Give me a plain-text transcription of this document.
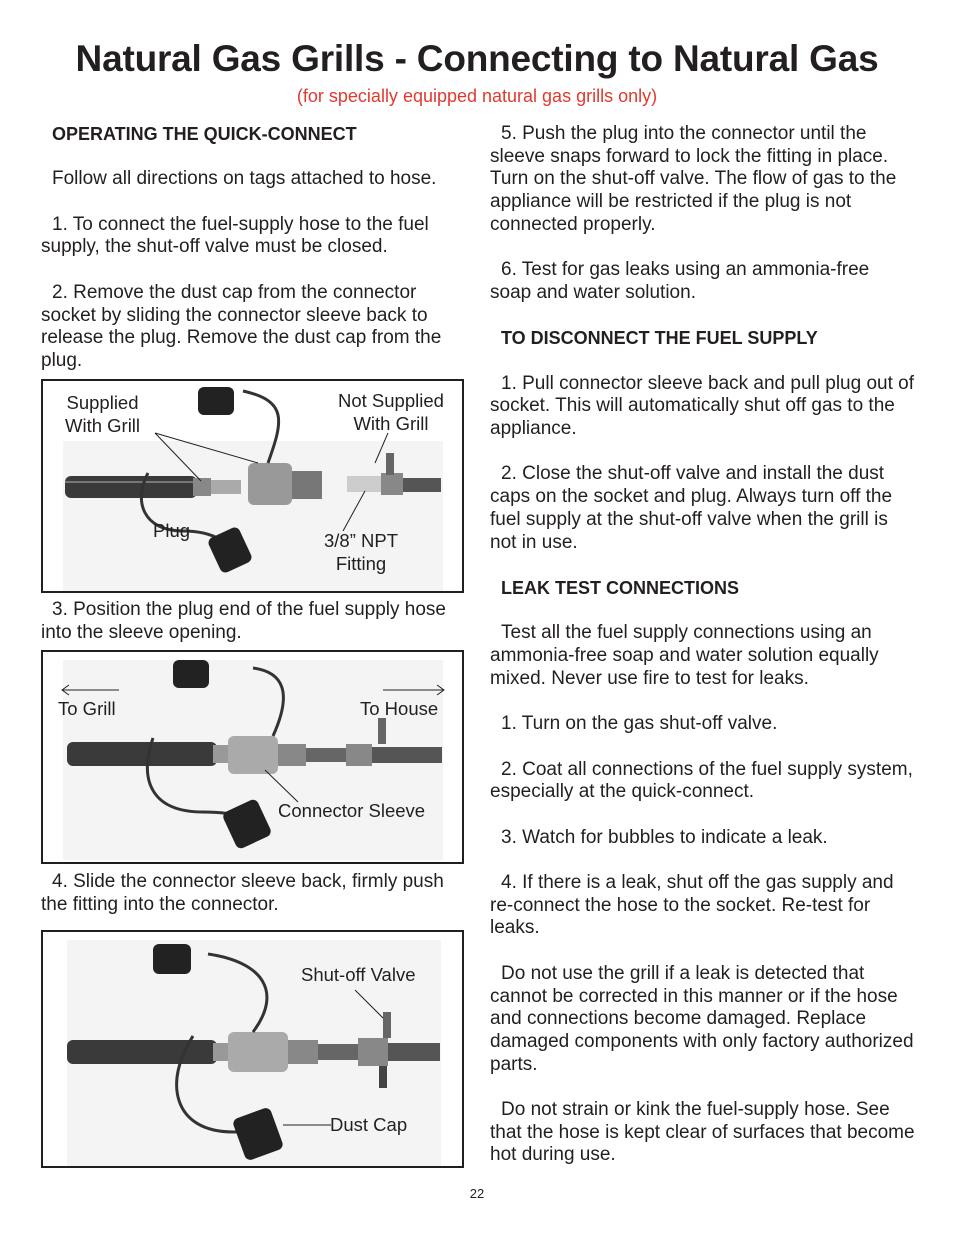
Natural Gas Grills - Connecting to Natural Gas
(for specially equipped natural gas grills only)

OPERATING THE QUICK-CONNECT

Follow all directions on tags attached to hose.

1. To connect the fuel-supply hose to the fuel supply, the shut-off valve must be closed.

2. Remove the dust cap from the connector socket by sliding the connector sleeve back to release the plug. Remove the dust cap from the plug.

Supplied
With Grill
Not Supplied
With Grill
Plug	3/8” NPT
Fitting

3. Position the plug end of the fuel supply hose into the sleeve opening.

To Grill	To House
Connector Sleeve

4. Slide the connector sleeve back, firmly push the fitting into the connector.

Shut-off Valve
Dust Cap

5. Push the plug into the connector until the sleeve snaps forward to lock the fitting in place. Turn on the shut-off valve. The flow of gas to the appliance will be restricted if the plug is not connected properly.

6. Test for gas leaks using an ammonia-free soap and water solution.

TO DISCONNECT THE FUEL SUPPLY

1. Pull connector sleeve back and pull plug out of socket. This will automatically shut off gas to the appliance.

2. Close the shut-off valve and install the dust caps on the socket and plug. Always turn off the fuel supply at the shut-off valve when the grill is not in use.

LEAK TEST CONNECTIONS

Test all the fuel supply connections using an ammonia-free soap and water solution equally mixed. Never use fire to test for leaks.

1. Turn on the gas shut-off valve.

2. Coat all connections of the fuel supply system, especially at the quick-connect.

3. Watch for bubbles to indicate a leak.

4. If there is a leak, shut off the gas supply and re-connect the hose to the socket. Re-test for leaks.

Do not use the grill if a leak is detected that cannot be corrected in this manner or if the hose and connections become damaged. Replace damaged components with only factory authorized parts.

Do not strain or kink the fuel-supply hose. See that the hose is kept clear of surfaces that become hot during use.

22
